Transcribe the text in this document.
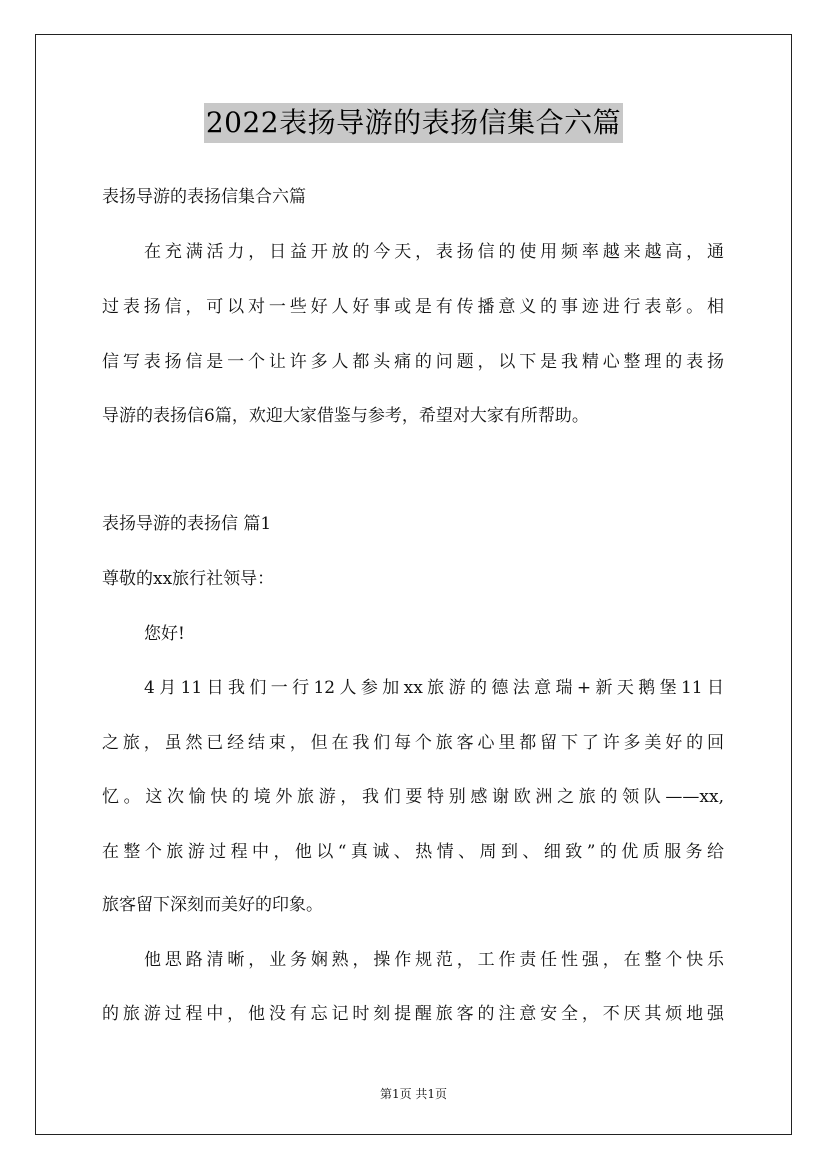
2022表扬导游的表扬信集合六篇
表扬导游的表扬信集合六篇
在充满活力，日益开放的今天，表扬信的使用频率越来越高，通
过表扬信，可以对一些好人好事或是有传播意义的事迹进行表彰。相
信写表扬信是一个让许多人都头痛的问题，以下是我精心整理的表扬
导游的表扬信6篇，欢迎大家借鉴与参考，希望对大家有所帮助。
表扬导游的表扬信 篇1
尊敬的xx旅行社领导：
您好!
4月11日我们一行12人参加xx旅游的德法意瑞+新天鹅堡11日
之旅，虽然已经结束，但在我们每个旅客心里都留下了许多美好的回
忆。这次愉快的境外旅游，我们要特别感谢欧洲之旅的领队——xx,
在整个旅游过程中，他以“真诚、热情、周到、细致”的优质服务给
旅客留下深刻而美好的印象。
他思路清晰，业务娴熟，操作规范，工作责任性强，在整个快乐
的旅游过程中，他没有忘记时刻提醒旅客的注意安全，不厌其烦地强
第1页 共1页
